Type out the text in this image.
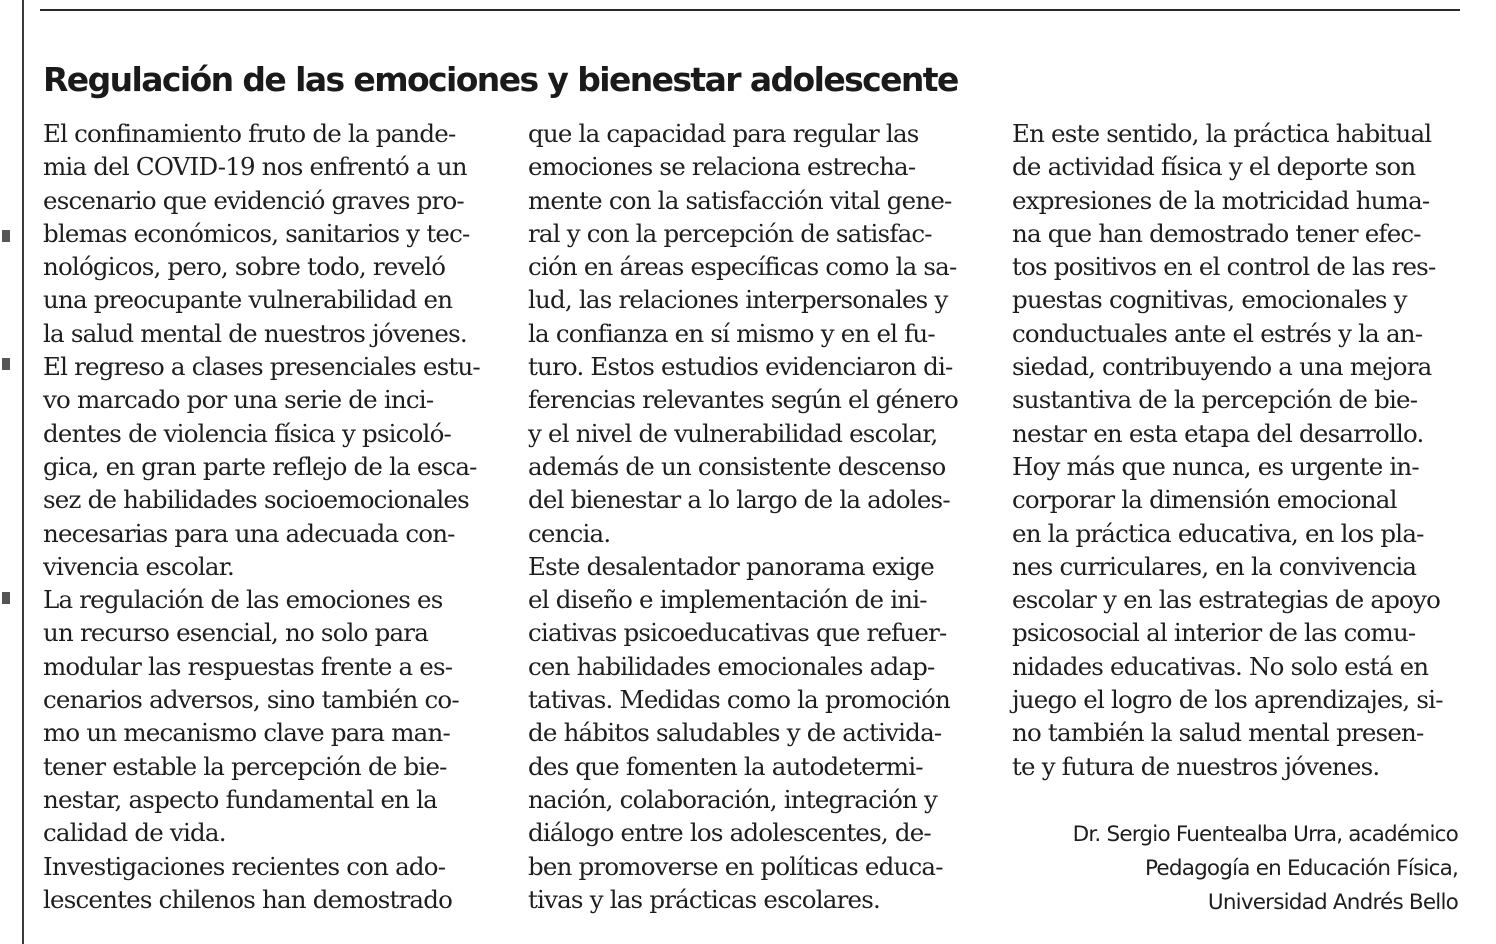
Regulación de las emociones y bienestar adolescente
El confinamiento fruto de la pande-
mia del COVID-19 nos enfrentó a un
escenario que evidenció graves pro-
blemas económicos, sanitarios y tec-
nológicos, pero, sobre todo, reveló
una preocupante vulnerabilidad en
la salud mental de nuestros jóvenes.
El regreso a clases presenciales estu-
vo marcado por una serie de inci-
dentes de violencia física y psicoló-
gica, en gran parte reflejo de la esca-
sez de habilidades socioemocionales
necesarias para una adecuada con-
vivencia escolar.
La regulación de las emociones es
un recurso esencial, no solo para
modular las respuestas frente a es-
cenarios adversos, sino también co-
mo un mecanismo clave para man-
tener estable la percepción de bie-
nestar, aspecto fundamental en la
calidad de vida.
Investigaciones recientes con ado-
lescentes chilenos han demostrado
que la capacidad para regular las
emociones se relaciona estrecha-
mente con la satisfacción vital gene-
ral y con la percepción de satisfac-
ción en áreas específicas como la sa-
lud, las relaciones interpersonales y
la confianza en sí mismo y en el fu-
turo. Estos estudios evidenciaron di-
ferencias relevantes según el género
y el nivel de vulnerabilidad escolar,
además de un consistente descenso
del bienestar a lo largo de la adoles-
cencia.
Este desalentador panorama exige
el diseño e implementación de ini-
ciativas psicoeducativas que refuer-
cen habilidades emocionales adap-
tativas. Medidas como la promoción
de hábitos saludables y de activida-
des que fomenten la autodetermi-
nación, colaboración, integración y
diálogo entre los adolescentes, de-
ben promoverse en políticas educa-
tivas y las prácticas escolares.
En este sentido, la práctica habitual
de actividad física y el deporte son
expresiones de la motricidad huma-
na que han demostrado tener efec-
tos positivos en el control de las res-
puestas cognitivas, emocionales y
conductuales ante el estrés y la an-
siedad, contribuyendo a una mejora
sustantiva de la percepción de bie-
nestar en esta etapa del desarrollo.
Hoy más que nunca, es urgente in-
corporar la dimensión emocional
en la práctica educativa, en los pla-
nes curriculares, en la convivencia
escolar y en las estrategias de apoyo
psicosocial al interior de las comu-
nidades educativas. No solo está en
juego el logro de los aprendizajes, si-
no también la salud mental presen-
te y futura de nuestros jóvenes.
Dr. Sergio Fuentealba Urra, académico
Pedagogía en Educación Física,
Universidad Andrés Bello
